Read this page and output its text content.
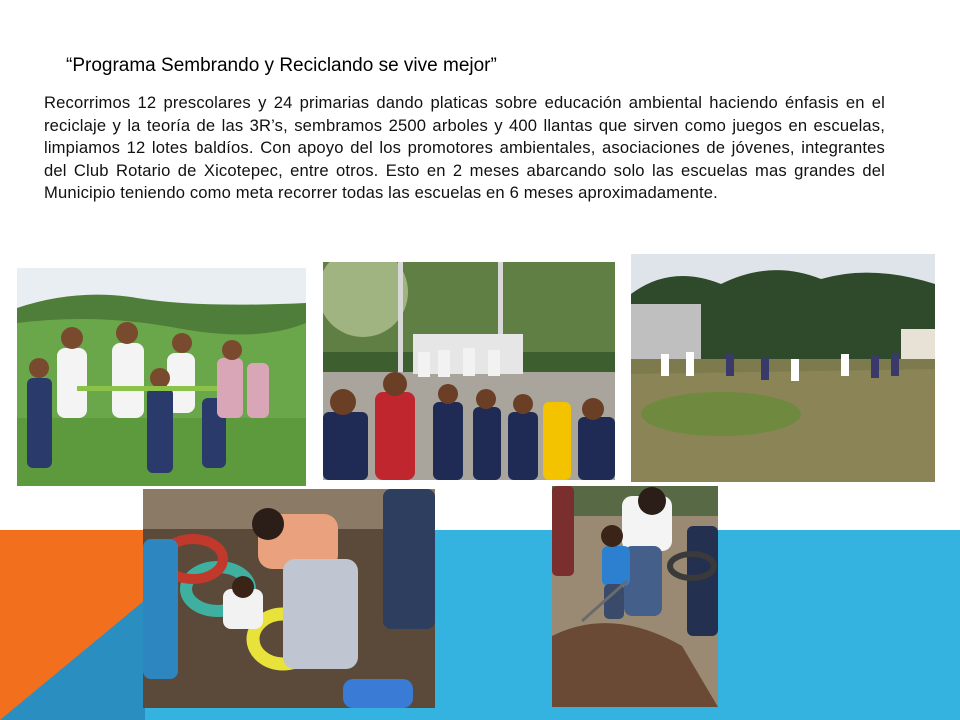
“Programa Sembrando y Reciclando se vive mejor”
Recorrimos 12 prescolares y 24 primarias dando platicas sobre educación ambiental haciendo énfasis en el reciclaje y la teoría de las 3R’s, sembramos 2500 arboles y 400 llantas que sirven como juegos en escuelas, limpiamos 12 lotes baldíos. Con apoyo del los promotores ambientales, asociaciones de jóvenes, integrantes del Club Rotario de Xicotepec, entre otros. Esto en 2 meses abarcando solo las escuelas mas grandes del Municipio teniendo como meta recorrer todas las escuelas en 6 meses aproximadamente.
